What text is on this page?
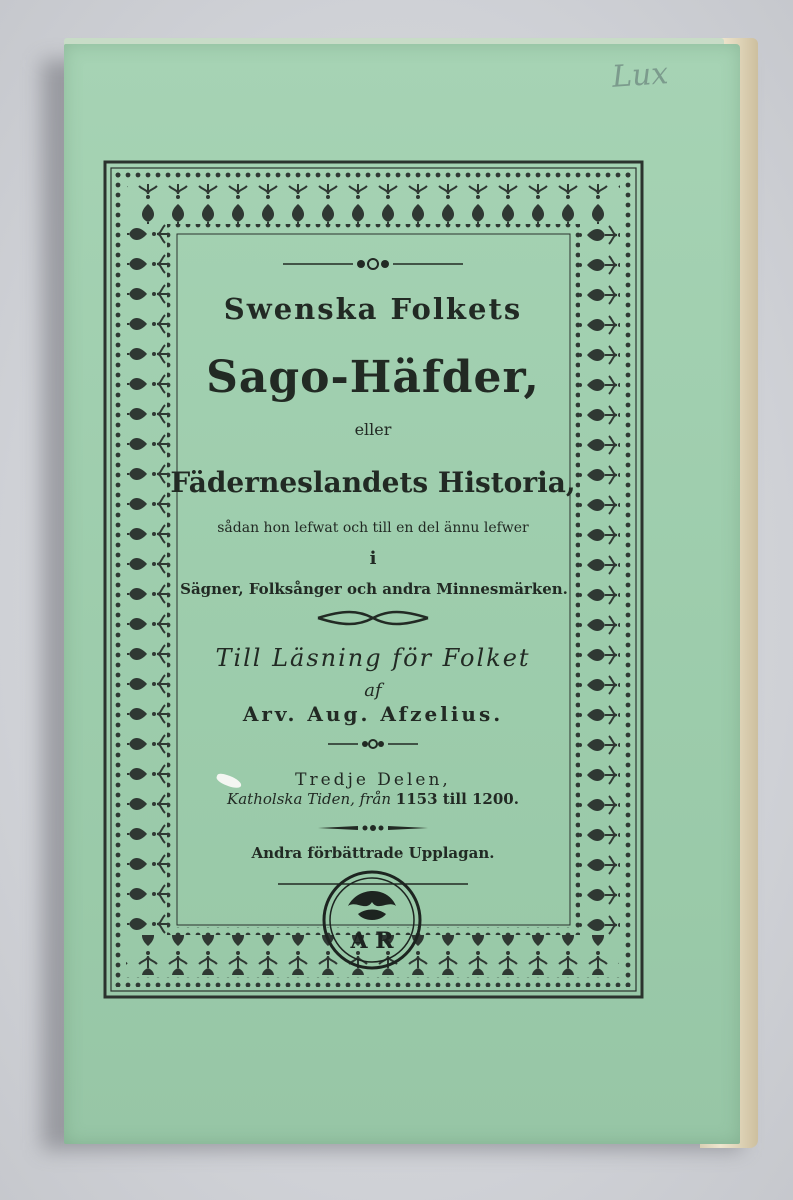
Lux
Swenska Folkets
Sago-Häfder,
eller
Fäderneslandets Historia,
sådan hon lefwat och till en del ännu lefwer
i
Sägner, Folksånger och andra Minnesmärken.
Till Läsning för Folket
af
Arv. Aug. Afzelius.
Tredje Delen,
Katholska Tiden, från 1153 till 1200.
Andra förbättrade Upplagan.
A R
